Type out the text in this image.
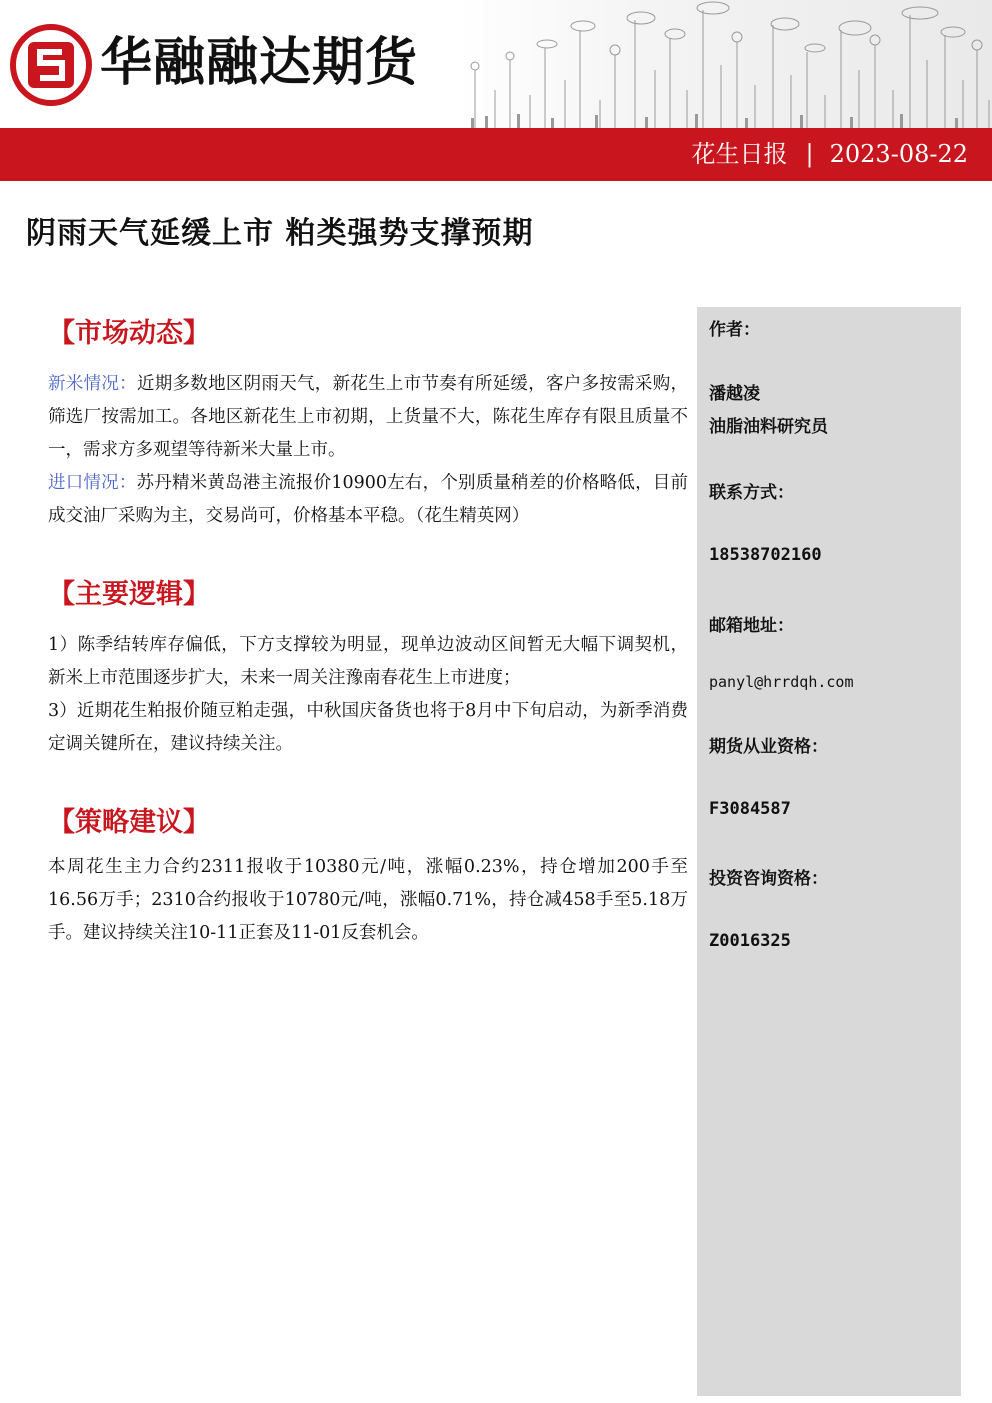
华融融达期货
花生日报 | 2023-08-22
阴雨天气延缓上市 粕类强势支撑预期
【市场动态】

新米情况：近期多数地区阴雨天气，新花生上市节奏有所延缓，客户多按需采购，筛选厂按需加工。各地区新花生上市初期，上货量不大，陈花生库存有限且质量不一，需求方多观望等待新米大量上市。

进口情况：苏丹精米黄岛港主流报价10900左右，个别质量稍差的价格略低，目前成交油厂采购为主，交易尚可，价格基本平稳。（花生精英网）

【主要逻辑】

1）陈季结转库存偏低，下方支撑较为明显，现单边波动区间暂无大幅下调契机，新米上市范围逐步扩大，未来一周关注豫南春花生上市进度；

3）近期花生粕报价随豆粕走强，中秋国庆备货也将于8月中下旬启动，为新季消费定调关键所在，建议持续关注。

【策略建议】

本周花生主力合约2311报收于10380元/吨，涨幅0.23%，持仓增加200手至16.56万手；2310合约报收于10780元/吨，涨幅0.71%，持仓减458手至5.18万手。建议持续关注10-11正套及11-01反套机会。

作者：
潘越凌
油脂油料研究员
联系方式：
18538702160
邮箱地址：
panyl@hrrdqh.com
期货从业资格：
F3084587
投资咨询资格：
Z0016325
